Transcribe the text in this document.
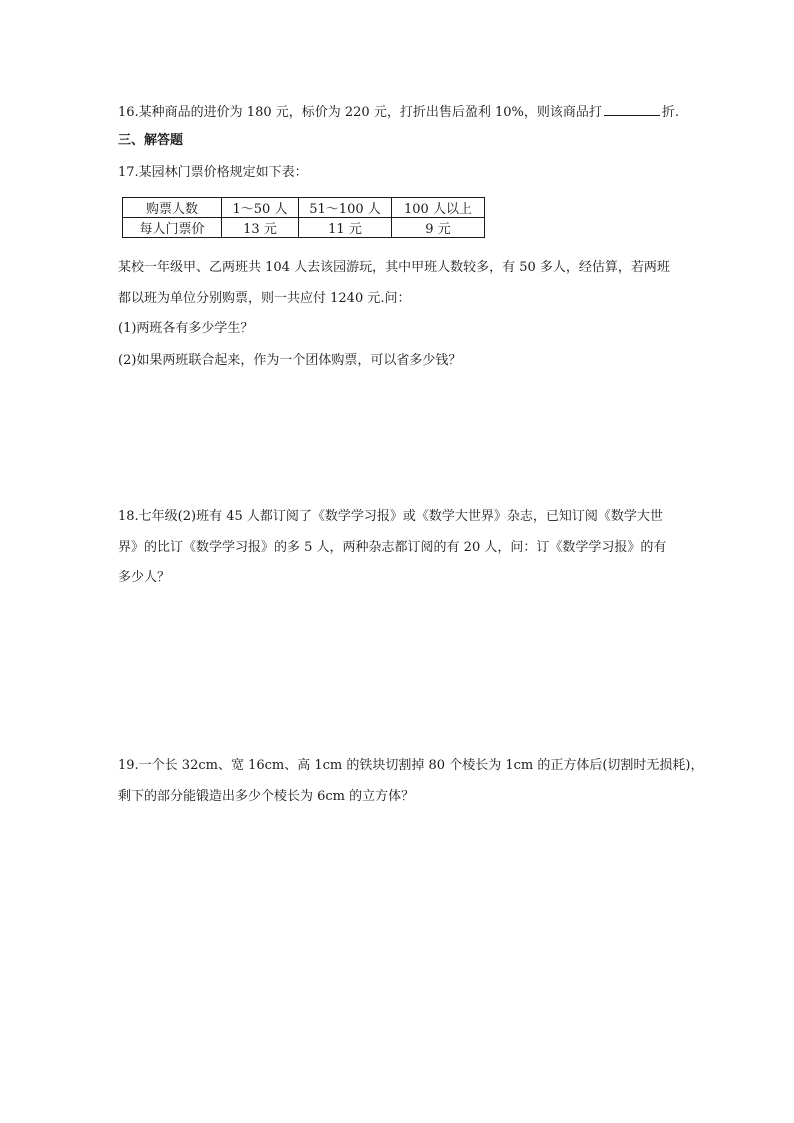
16.某种商品的进价为 180 元，标价为 220 元，打折出售后盈利 10%，则该商品打	折.
三、解答题
17.某园林门票价格规定如下表：
购票人数	1～50 人	51～100 人	100 人以上
每人门票价	13 元	11 元	9 元
某校一年级甲、乙两班共 104 人去该园游玩，其中甲班人数较多，有 50 多人，经估算，若两班
都以班为单位分别购票，则一共应付 1240 元.问：
(1)两班各有多少学生？
(2)如果两班联合起来，作为一个团体购票，可以省多少钱？
18.七年级(2)班有 45 人都订阅了《数学学习报》或《数学大世界》杂志，已知订阅《数学大世
界》的比订《数学学习报》的多 5 人，两种杂志都订阅的有 20 人，问：订《数学学习报》的有
多少人？
19.一个长 32cm、宽 16cm、高 1cm 的铁块切割掉 80 个棱长为 1cm 的正方体后(切割时无损耗)，
剩下的部分能锻造出多少个棱长为 6cm 的立方体？
